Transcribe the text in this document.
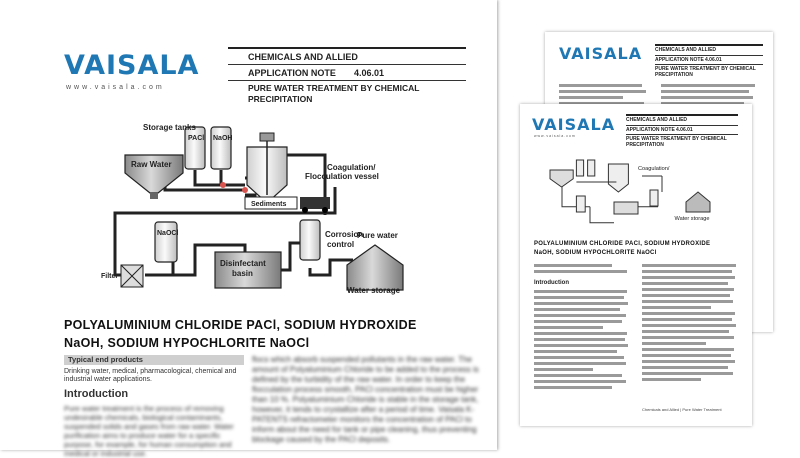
VAISALA	CHEMICALS AND ALLIED
APPLICATION NOTE 4.06.01
PURE WATER TREATMENT BY CHEMICAL PRECIPITATION
VAISALA
www.vaisala.com
CHEMICALS AND ALLIED
APPLICATION NOTE 4.06.01
PURE WATER TREATMENT BY CHEMICAL PRECIPITATION
Coagulation/
Water storage
POLYALUMINIUM CHLORIDE PACl, SODIUM HYDROXIDE
NaOH, SODIUM HYPOCHLORITE NaOCl
Introduction
Chemicals and Allied | Pure Water Treatment
VAISALA
www.vaisala.com
CHEMICALS AND ALLIED
APPLICATION NOTE 4.06.01
PURE WATER TREATMENT BY CHEMICAL PRECIPITATION
Storage tanks
PACl NaOH
Raw Water	Coagulation/
Flocculation vessel
Sediments
NaOCl	Corrosion
control
Pure water
Filter
Disinfectant
basin
Water storage
POLYALUMINIUM CHLORIDE PACl, SODIUM HYDROXIDE
NaOH, SODIUM HYPOCHLORITE NaOCl
Typical end products
Drinking water, medical, pharmacological, chemical and industrial water applications.
Introduction
Pure water treatment is the process of removing undesirable chemicals, biological contaminants, suspended solids and gases from raw water. Water purification aims to produce water for a specific purpose, for example, for human consumption and medical or industrial use.
flocs which absorb suspended pollutants in the raw water. The amount of Polyaluminium Chloride to be added to the process is defined by the turbidity of the raw water. In order to keep the flocculation process smooth, PACl concentration must be higher than 10 %. Polyaluminium Chloride is stable in the storage tank, however, it tends to crystallize after a period of time. Vaisala K-PATENTS refractometer monitors the concentration of PACl to inform about the need for tank or pipe cleaning, thus preventing blockage caused by the PACl deposits.
